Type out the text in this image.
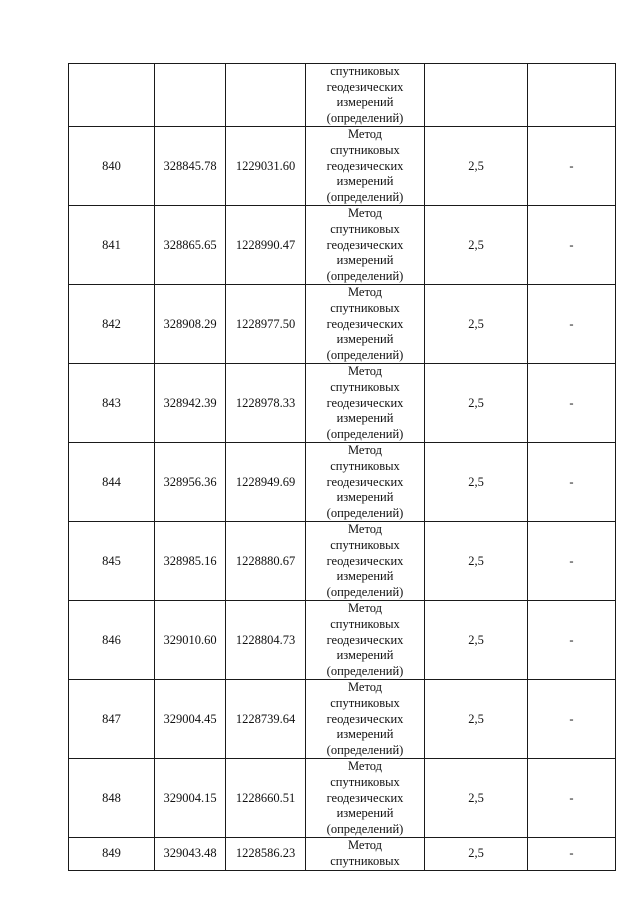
			спутниковых
геодезических
измерений
(определений)		
840	328845.78	1229031.60	Метод
спутниковых
геодезических
измерений
(определений)	2,5	-
841	328865.65	1228990.47	Метод
спутниковых
геодезических
измерений
(определений)	2,5	-
842	328908.29	1228977.50	Метод
спутниковых
геодезических
измерений
(определений)	2,5	-
843	328942.39	1228978.33	Метод
спутниковых
геодезических
измерений
(определений)	2,5	-
844	328956.36	1228949.69	Метод
спутниковых
геодезических
измерений
(определений)	2,5	-
845	328985.16	1228880.67	Метод
спутниковых
геодезических
измерений
(определений)	2,5	-
846	329010.60	1228804.73	Метод
спутниковых
геодезических
измерений
(определений)	2,5	-
847	329004.45	1228739.64	Метод
спутниковых
геодезических
измерений
(определений)	2,5	-
848	329004.15	1228660.51	Метод
спутниковых
геодезических
измерений
(определений)	2,5	-
849	329043.48	1228586.23	Метод
спутниковых	2,5	-
